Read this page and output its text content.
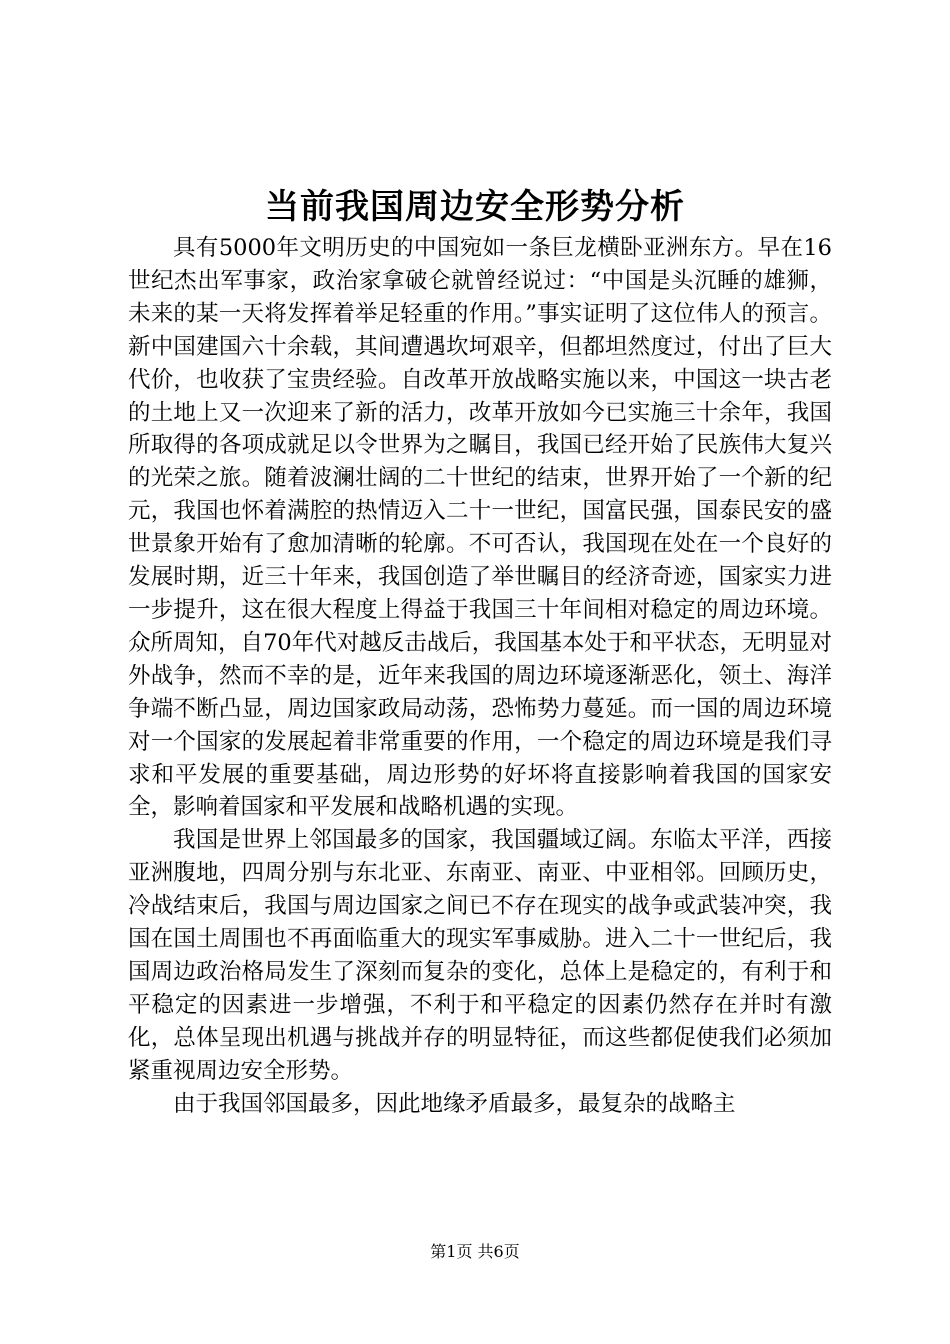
当前我国周边安全形势分析

具有5000年文明历史的中国宛如一条巨龙横卧亚洲东方。早在16世纪杰出军事家，政治家拿破仑就曾经说过：“中国是头沉睡的雄狮，未来的某一天将发挥着举足轻重的作用。”事实证明了这位伟人的预言。新中国建国六十余载，其间遭遇坎坷艰辛，但都坦然度过，付出了巨大代价，也收获了宝贵经验。自改革开放战略实施以来，中国这一块古老的土地上又一次迎来了新的活力，改革开放如今已实施三十余年，我国所取得的各项成就足以令世界为之瞩目，我国已经开始了民族伟大复兴的光荣之旅。随着波澜壮阔的二十世纪的结束，世界开始了一个新的纪元，我国也怀着满腔的热情迈入二十一世纪，国富民强，国泰民安的盛世景象开始有了愈加清晰的轮廓。不可否认，我国现在处在一个良好的发展时期，近三十年来，我国创造了举世瞩目的经济奇迹，国家实力进一步提升，这在很大程度上得益于我国三十年间相对稳定的周边环境。众所周知，自70年代对越反击战后，我国基本处于和平状态，无明显对外战争，然而不幸的是，近年来我国的周边环境逐渐恶化，领土、海洋争端不断凸显，周边国家政局动荡，恐怖势力蔓延。而一国的周边环境对一个国家的发展起着非常重要的作用，一个稳定的周边环境是我们寻求和平发展的重要基础，周边形势的好坏将直接影响着我国的国家安全，影响着国家和平发展和战略机遇的实现。

我国是世界上邻国最多的国家，我国疆域辽阔。东临太平洋，西接亚洲腹地，四周分别与东北亚、东南亚、南亚、中亚相邻。回顾历史，冷战结束后，我国与周边国家之间已不存在现实的战争或武装冲突，我国在国土周围也不再面临重大的现实军事威胁。进入二十一世纪后，我国周边政治格局发生了深刻而复杂的变化，总体上是稳定的，有利于和平稳定的因素进一步增强，不利于和平稳定的因素仍然存在并时有激化，总体呈现出机遇与挑战并存的明显特征，而这些都促使我们必须加紧重视周边安全形势。

由于我国邻国最多，因此地缘矛盾最多，最复杂的战略主

第1页 共6页
